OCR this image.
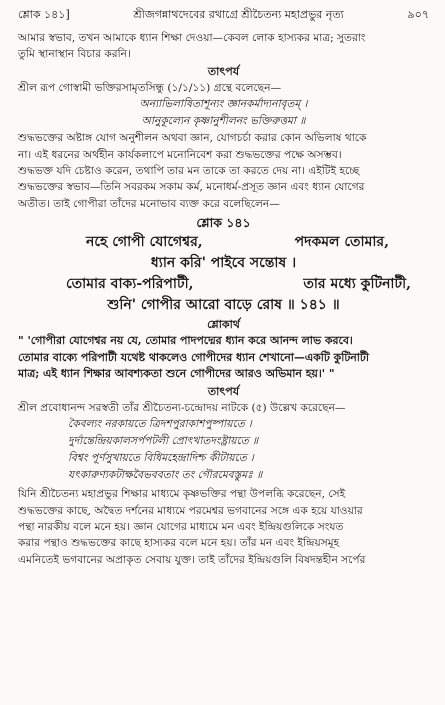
শ্লোক ১৪১]	শ্রীজগন্নাথদেবের রথাগ্রে শ্রীচৈতন্য মহাপ্রভুর নৃত্য	৯০৭

আমার স্বভাব, তখন আমাকে ধ্যান শিক্ষা দেওয়া—কেবল লোক হাস্যকর মাত্র; সুতরাং

তুমি স্থানাস্থান বিচার করনি।

তাৎপর্য

শ্রীল রূপ গোস্বামী ভক্তিরসামৃতসিন্ধু (১/১/১১) গ্রন্থে বলেছেন—

অন্যাভিলাষিতাশূন্যং জ্ঞানকর্মাদ্যনাবৃতম্ ।

আনুকূল্যেন কৃষ্ণানুশীলনং ভক্তিরুত্তমা ॥

শুদ্ধভক্তের অষ্টাঙ্গ যোগ অনুশীলন অথবা জ্ঞান, যোগচর্চা করার কোন অভিলাষ থাকে

না। এই ধরনের অর্থহীন কার্যকলাপে মনোনিবেশ করা শুদ্ধভক্তের পক্ষে অসম্ভব।

শুদ্ধভক্ত যদি চেষ্টাও করেন, তথাপি তার মন তাকে তা করতে দেয় না। এইটিই হচ্ছে

শুদ্ধভক্তের স্বভাব—তিনি সবরকম সকাম কর্ম, মনোধর্ম-প্রসূত জ্ঞান এবং ধ্যান যোগের

অতীত। তাই গোপীরা তাঁদের মনোভাব ব্যক্ত করে বলেছিলেন—

শ্লোক ১৪১

নহে গোপী যোগেশ্বর,	পদকমল তোমার,
ধ্যান করি' পাইবে সন্তোষ ।
তোমার বাক্য-পরিপাটী,	তার মধ্যে কুটিনাটী,
শুনি' গোপীর আরো বাড়ে রোষ ॥ ১৪১ ॥

শ্লোকার্থ

" 'গোপীরা যোগেশ্বর নয় যে, তোমার পাদপদ্মের ধ্যান করে আনন্দ লাভ করবে।

তোমার বাক্যে পরিপাটী যথেষ্ট থাকলেও গোপীদের ধ্যান শেখানো—একটি কুটিনাটী

মাত্র; এই ধ্যান শিক্ষার আবশ্যকতা শুনে গোপীদের আরও অভিমান হয়।' "

তাৎপর্য

শ্রীল প্রবোধানন্দ সরস্বতী তাঁর শ্রীচৈতন্য-চন্দ্রোদয় নাটকে (৫) উল্লেখ করেছেন—

কৈবল্যং নরকায়তে ত্রিদশপুরাকাশপুষ্পায়তে ।

দুর্দান্তেন্দ্রিয়কালসর্পপটলী প্রোৎখাতদংষ্ট্রায়তে ॥

বিশ্বং পূর্ণসুখায়তে বিধিমহেন্দ্রাদিশ্চ কীটায়তে ।

যৎকারুণ্যকটাক্ষবৈভববতাং তং গৌরমেবস্তুমঃ ॥

যিনি শ্রীচৈতন্য মহাপ্রভুর শিক্ষার মাধ্যমে কৃষ্ণভক্তির পন্থা উপলব্ধি করেছেন, সেই

শুদ্ধভক্তের কাছে, অদ্বৈত দর্শনের মাধ্যমে পরমেশ্বর ভগবানের সঙ্গে এক হয়ে যাওয়ার

পন্থা নারকীয় বলে মনে হয়। জ্ঞান যোগের মাধ্যমে মন এবং ইন্দ্রিয়গুলিকে সংযত

করার পন্থাও শুদ্ধভক্তের কাছে হাস্যকর বলে মনে হয়। তাঁর মন এবং ইন্দ্রিয়সমূহ

এমনিতেই ভগবানের অপ্রাকৃত সেবায় যুক্ত। তাই তাঁদের ইন্দ্রিয়গুলি বিষদন্তহীন সর্পের
